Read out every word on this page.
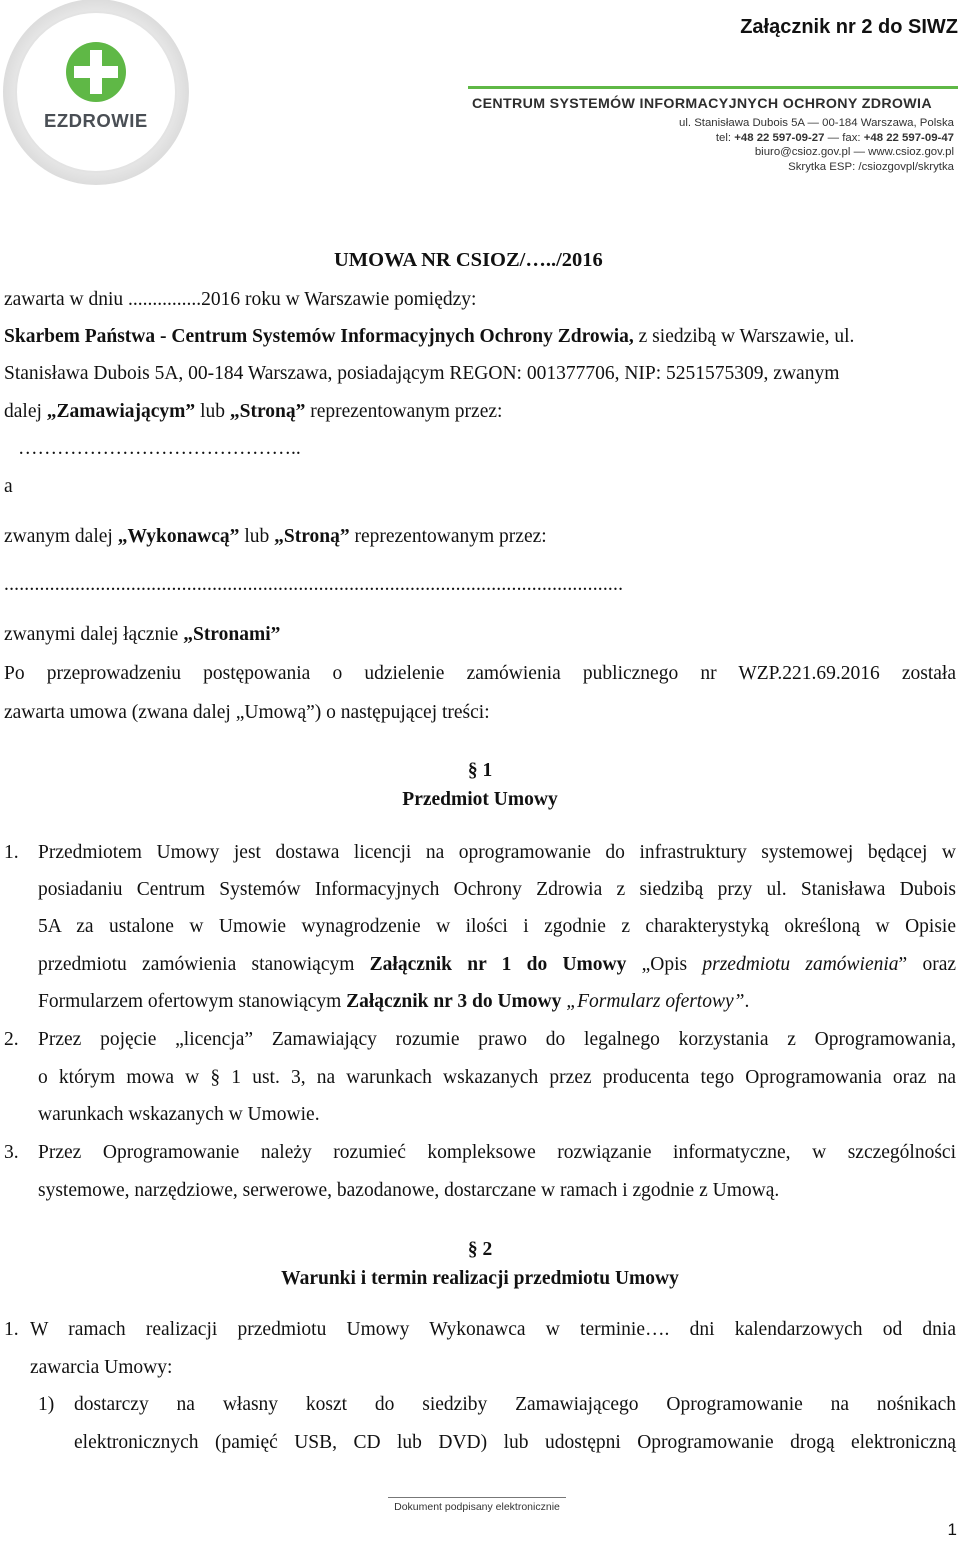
EZDROWIE
CENTRUM SYSTEMÓW INFORMACYJNYCH OCHRONY ZDROWIA
ul. Stanisława Dubois 5A — 00-184 Warszawa, Polska
tel: +48 22 597-09-27 — fax: +48 22 597-09-47
biuro@csioz.gov.pl — www.csioz.gov.pl
Skrytka ESP: /csiozgovpl/skrytka
Załącznik nr 2 do SIWZ
UMOWA NR CSIOZ/…../2016
zawarta w dniu ...............2016 roku w Warszawie pomiędzy:
Skarbem Państwa - Centrum Systemów Informacyjnych Ochrony Zdrowia, z siedzibą w Warszawie, ul.
Stanisława Dubois 5A, 00-184 Warszawa, posiadającym REGON: 001377706, NIP: 5251575309, zwanym
dalej „Zamawiającym” lub „Stroną” reprezentowanym przez:
……………………………………..
a
zwanym dalej „Wykonawcą” lub „Stroną” reprezentowanym przez:
..........................................................................................................................
zwanymi dalej łącznie „Stronami”
Po przeprowadzeniu postępowania o udzielenie zamówienia publicznego nr WZP.221.69.2016 została
zawarta umowa (zwana dalej „Umową”) o następującej treści:
§ 1
Przedmiot Umowy
1. Przedmiotem Umowy jest dostawa licencji na oprogramowanie do infrastruktury systemowej będącej w
posiadaniu Centrum Systemów Informacyjnych Ochrony Zdrowia z siedzibą przy ul. Stanisława Dubois
5A za ustalone w Umowie wynagrodzenie w ilości i zgodnie z charakterystyką określoną w Opisie
przedmiotu zamówienia stanowiącym Załącznik nr 1 do Umowy „Opis przedmiotu zamówienia” oraz
Formularzem ofertowym stanowiącym Załącznik nr 3 do Umowy „Formularz ofertowy”.
2. Przez pojęcie „licencja” Zamawiający rozumie prawo do legalnego korzystania z Oprogramowania,
o którym mowa w § 1 ust. 3, na warunkach wskazanych przez producenta tego Oprogramowania oraz na
warunkach wskazanych w Umowie.
3. Przez Oprogramowanie należy rozumieć kompleksowe rozwiązanie informatyczne, w szczególności
systemowe, narzędziowe, serwerowe, bazodanowe, dostarczane w ramach i zgodnie z Umową.
§ 2
Warunki i termin realizacji przedmiotu Umowy
1. W ramach realizacji przedmiotu Umowy Wykonawca w terminie…. dni kalendarzowych od dnia
zawarcia Umowy:
1) dostarczy na własny koszt do siedziby Zamawiającego Oprogramowanie na nośnikach
elektronicznych (pamięć USB, CD lub DVD) lub udostępni Oprogramowanie drogą elektroniczną
Dokument podpisany elektronicznie
1
